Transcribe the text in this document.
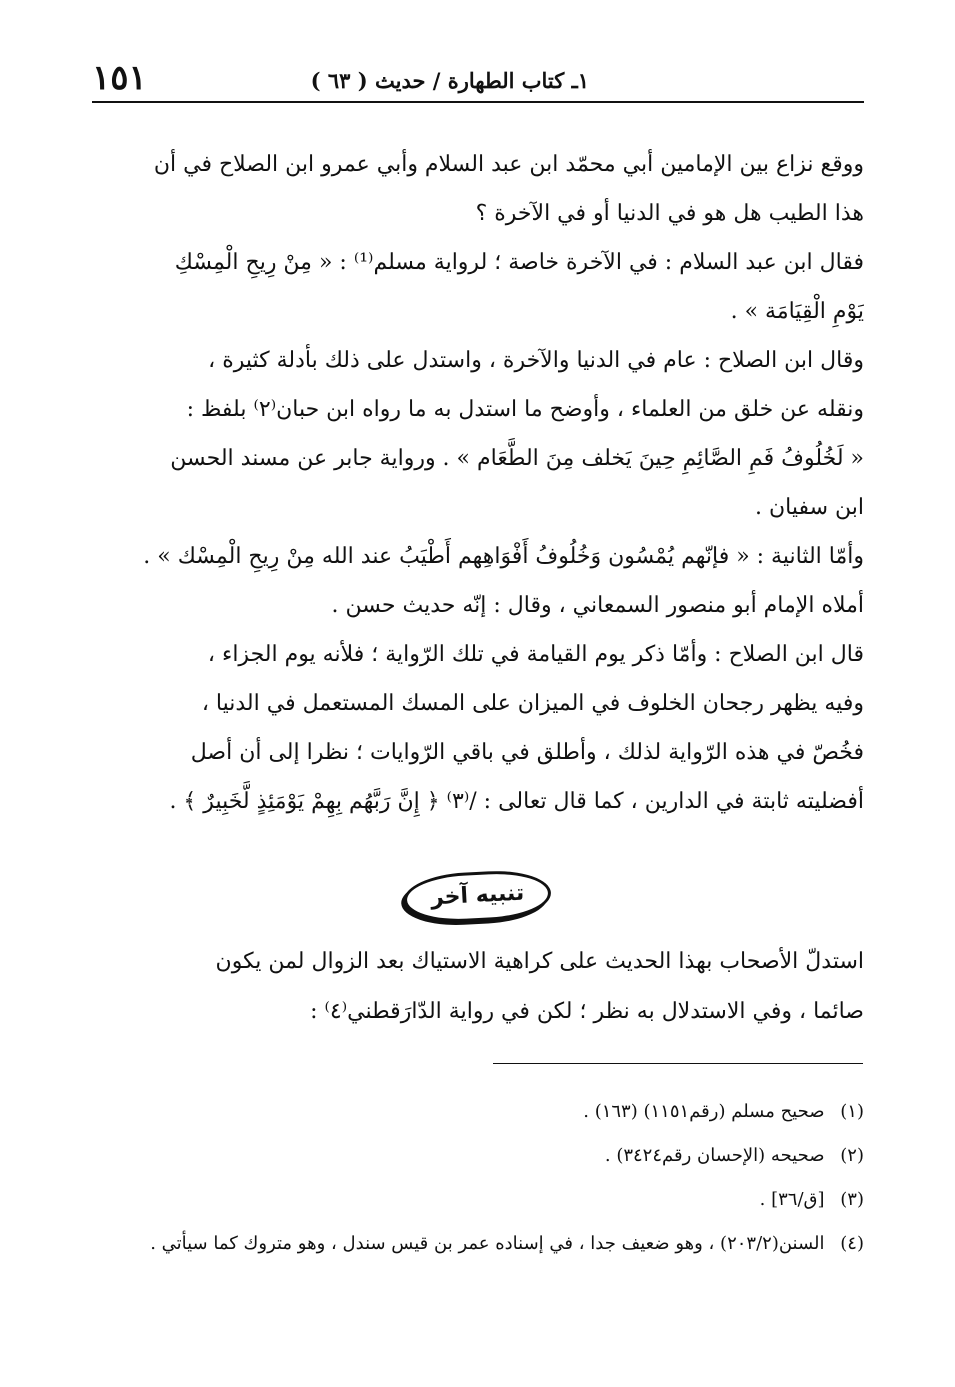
١ـ كتاب الطهارة / حديث ( ٦٣ )
١٥١
ووقع نزاع بين الإمامين أبي محمّد ابن عبد السلام وأبي عمرو ابن الصلاح في أن
هذا الطيب هل هو في الدنيا أو في الآخرة ؟
فقال ابن عبد السلام : في الآخرة خاصة ؛ لرواية مسلم⁽¹⁾ : « مِنْ رِيحِ الْمِسْكِ
يَوْمِ الْقِيَامَة » .
وقال ابن الصلاح : عام في الدنيا والآخرة ، واستدل على ذلك بأدلة كثيرة ،
ونقله عن خلق من العلماء ، وأوضح ما استدل به ما رواه ابن حبان⁽٢⁾ بلفظ :
« لَخُلُوفُ فَمِ الصَّائِمِ حِينَ يَخلف مِنَ الطَّعَام » . ورواية جابر عن مسند الحسن
ابن سفيان .
وأمّا الثانية : « فإنّهم يُمْسُون وَخُلُوفُ أَفْوَاهِهم أَطْيَبُ عند الله مِنْ رِيحِ الْمِسْك » .
أملاه الإمام أبو منصور السمعاني ، وقال : إنّه حديث حسن .
قال ابن الصلاح : وأمّا ذكر يوم القيامة في تلك الرّواية ؛ فلأنه يوم الجزاء ،
وفيه يظهر رجحان الخلوف في الميزان على المسك المستعمل في الدنيا ،
فخُصّ في هذه الرّواية لذلك ، وأطلق في باقي الرّوايات ؛ نظرا إلى أن أصل
أفضليته ثابتة في الدارين ، كما قال تعالى : /⁽٣⁾ ﴿ إِنَّ رَبَّهُم بِهِمْ يَوْمَئِذٍ لَّخَبِيرٌ ﴾ .
تنبيه آخر
استدلّ الأصحاب بهذا الحديث على كراهية الاستياك بعد الزوال لمن يكون
صائما ، وفي الاستدلال به نظر ؛ لكن في رواية الدّارَقطني⁽٤⁾ :
(١) صحيح مسلم (رقم١١٥١) (١٦٣) .
(٢) صحيحه (الإحسان رقم٣٤٢٤) .
(٣) [ق/٣٦] .
(٤) السنن(٢٠٣/٢) ، وهو ضعيف جدا ، في إسناده عمر بن قيس سندل ، وهو متروك كما سيأتي .
